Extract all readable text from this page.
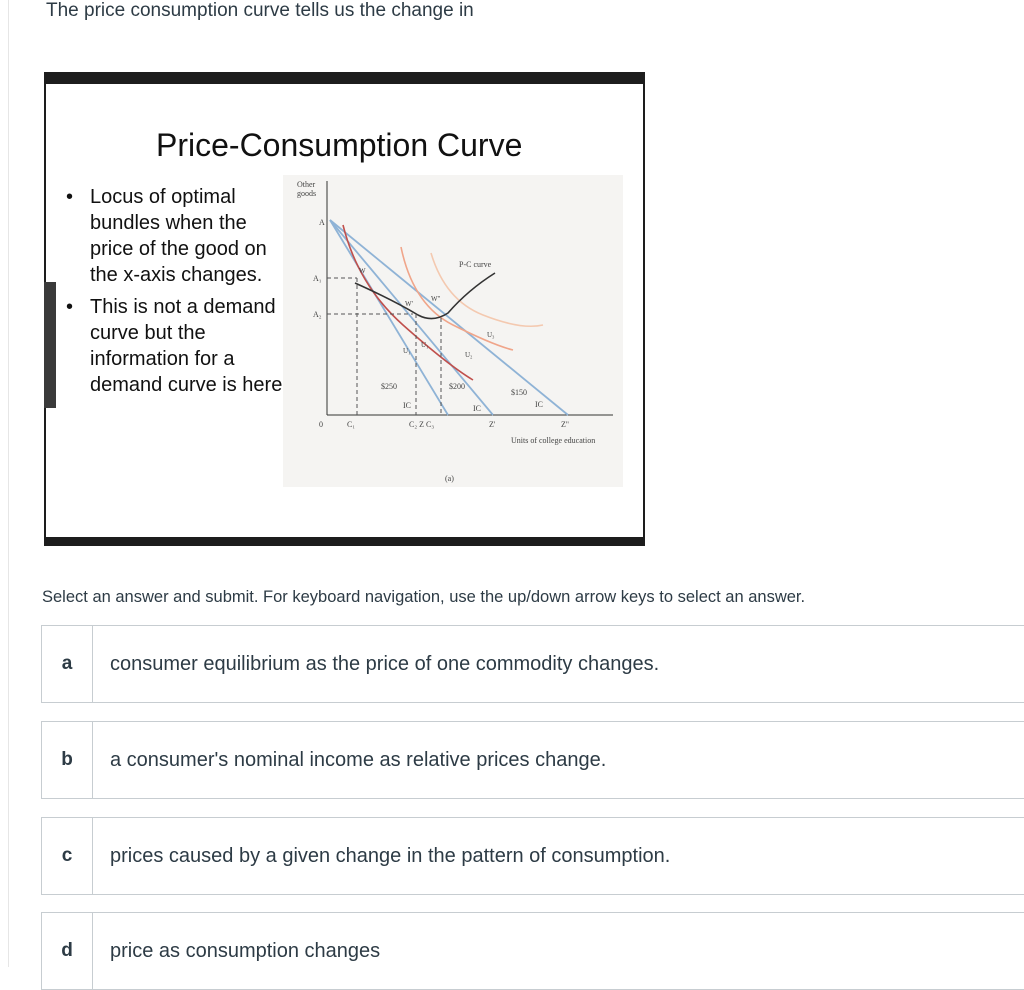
The price consumption curve tells us the change in
Price-Consumption Curve
• Locus of optimal bundles when the price of the good on the x-axis changes.
• This is not a demand curve but the information for a demand curve is here
Other
goods
A
A₁
A₂
0	C₁	C₂ Z C₃	Z'	Z''
Units of college education
P-C curve
$250	$200
$150
IC	IC	IC
W
W'
W''
U₁
U₂
U₃
U₁
(a)
Select an answer and submit. For keyboard navigation, use the up/down arrow keys to select an answer.
a	consumer equilibrium as the price of one commodity changes.
b	a consumer's nominal income as relative prices change.
c	prices caused by a given change in the pattern of consumption.
d	price as consumption changes
